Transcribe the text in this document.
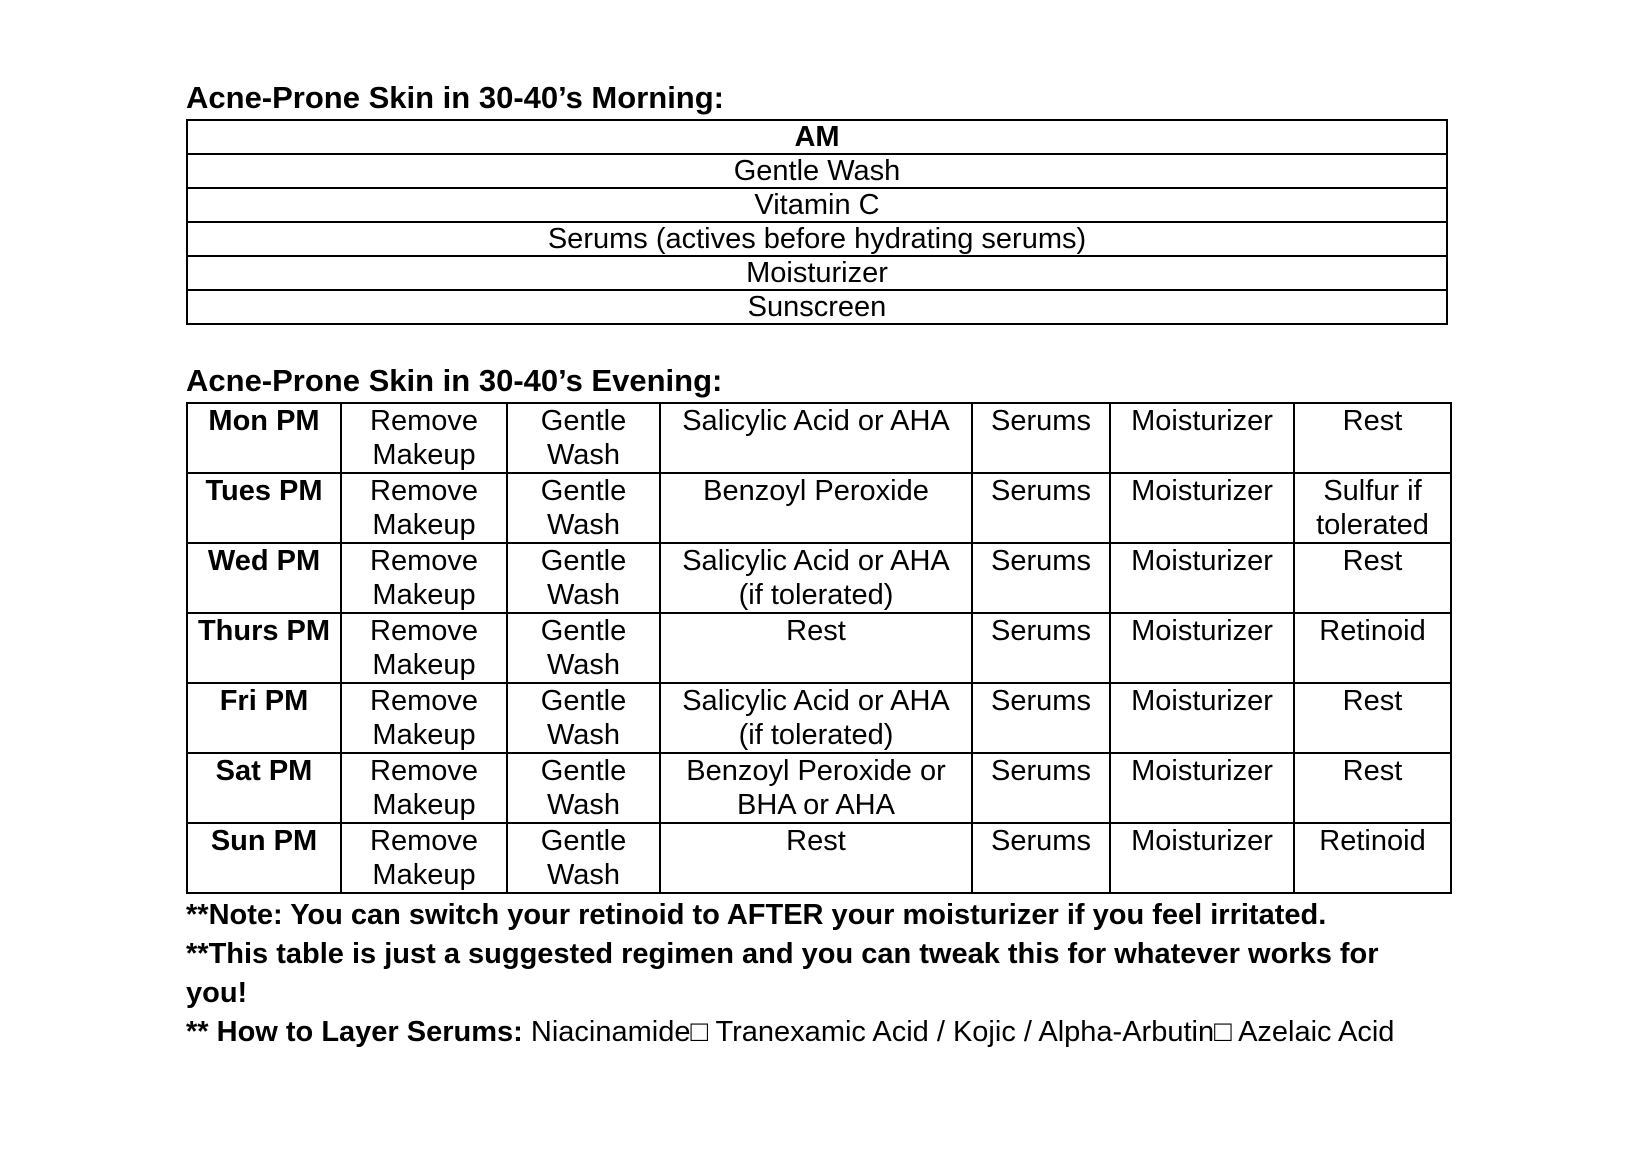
Acne-Prone Skin in 30-40’s Morning:
AM
Gentle Wash
Vitamin C
Serums (actives before hydrating serums)
Moisturizer
Sunscreen
Acne-Prone Skin in 30-40’s Evening:
Mon PM	Remove Makeup	Gentle Wash	Salicylic Acid or AHA	Serums	Moisturizer	Rest
Tues PM	Remove Makeup	Gentle Wash	Benzoyl Peroxide	Serums	Moisturizer	Sulfur if tolerated
Wed PM	Remove Makeup	Gentle Wash	Salicylic Acid or AHA (if tolerated)	Serums	Moisturizer	Rest
Thurs PM	Remove Makeup	Gentle Wash	Rest	Serums	Moisturizer	Retinoid
Fri PM	Remove Makeup	Gentle Wash	Salicylic Acid or AHA (if tolerated)	Serums	Moisturizer	Rest
Sat PM	Remove Makeup	Gentle Wash	Benzoyl Peroxide or BHA or AHA	Serums	Moisturizer	Rest
Sun PM	Remove Makeup	Gentle Wash	Rest	Serums	Moisturizer	Retinoid

**Note: You can switch your retinoid to AFTER your moisturizer if you feel irritated.

**This table is just a suggested regimen and you can tweak this for whatever works for you!

** How to Layer Serums: Niacinamide□ Tranexamic Acid / Kojic / Alpha-Arbutin□ Azelaic Acid
